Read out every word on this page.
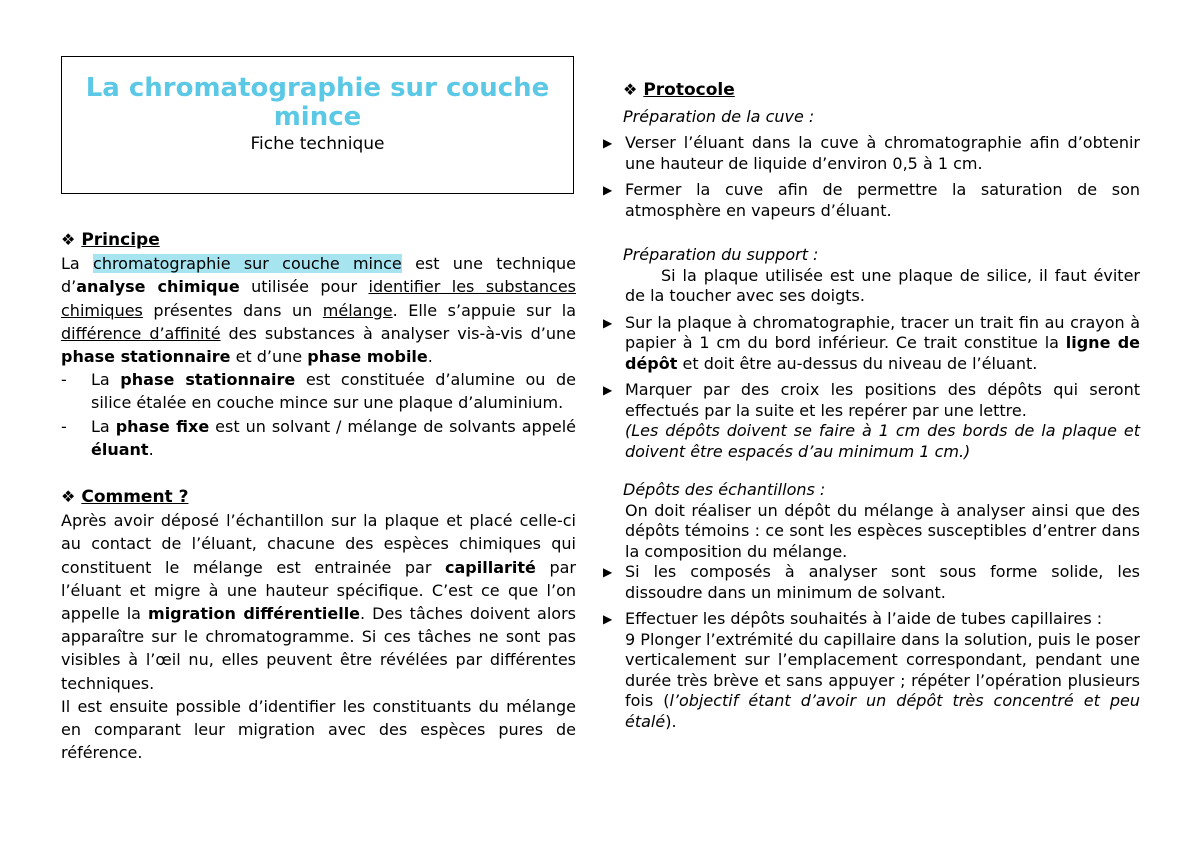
La chromatographie sur couche mince
Fiche technique
❖ Principe

La chromatographie sur couche mince est une technique d’analyse chimique utilisée pour identifier les substances chimiques présentes dans un mélange. Elle s’appuie sur la différence d’affinité des substances à analyser vis-à-vis d’une phase stationnaire et d’une phase mobile.

- La phase stationnaire est constituée d’alumine ou de silice étalée en couche mince sur une plaque d’aluminium.
- La phase fixe est un solvant / mélange de solvants appelé éluant.
❖ Comment ?

Après avoir déposé l’échantillon sur la plaque et placé celle-ci au contact de l’éluant, chacune des espèces chimiques qui constituent le mélange est entrainée par capillarité par l’éluant et migre à une hauteur spécifique. C’est ce que l’on appelle la migration différentielle. Des tâches doivent alors apparaître sur le chromatogramme. Si ces tâches ne sont pas visibles à l’œil nu, elles peuvent être révélées par différentes techniques.

Il est ensuite possible d’identifier les constituants du mélange en comparant leur migration avec des espèces pures de référence.

❖ Protocole

Préparation de la cuve :

▶ Verser l’éluant dans la cuve à chromatographie afin d’obtenir une hauteur de liquide d’environ 0,5 à 1 cm.

▶ Fermer la cuve afin de permettre la saturation de son atmosphère en vapeurs d’éluant.

Préparation du support :

Si la plaque utilisée est une plaque de silice, il faut éviter de la toucher avec ses doigts.

▶ Sur la plaque à chromatographie, tracer un trait fin au crayon à papier à 1 cm du bord inférieur. Ce trait constitue la ligne de dépôt et doit être au-dessus du niveau de l’éluant.

▶ Marquer par des croix les positions des dépôts qui seront effectués par la suite et les repérer par une lettre.
(Les dépôts doivent se faire à 1 cm des bords de la plaque et doivent être espacés d’au minimum 1 cm.)

Dépôts des échantillons :

On doit réaliser un dépôt du mélange à analyser ainsi que des dépôts témoins : ce sont les espèces susceptibles d’entrer dans la composition du mélange.

▶ Si les composés à analyser sont sous forme solide, les dissoudre dans un minimum de solvant.

▶ Effectuer les dépôts souhaités à l’aide de tubes capillaires :

9 Plonger l’extrémité du capillaire dans la solution, puis le poser verticalement sur l’emplacement correspondant, pendant une durée très brève et sans appuyer ; répéter l’opération plusieurs fois (l’objectif étant d’avoir un dépôt très concentré et peu étalé).
